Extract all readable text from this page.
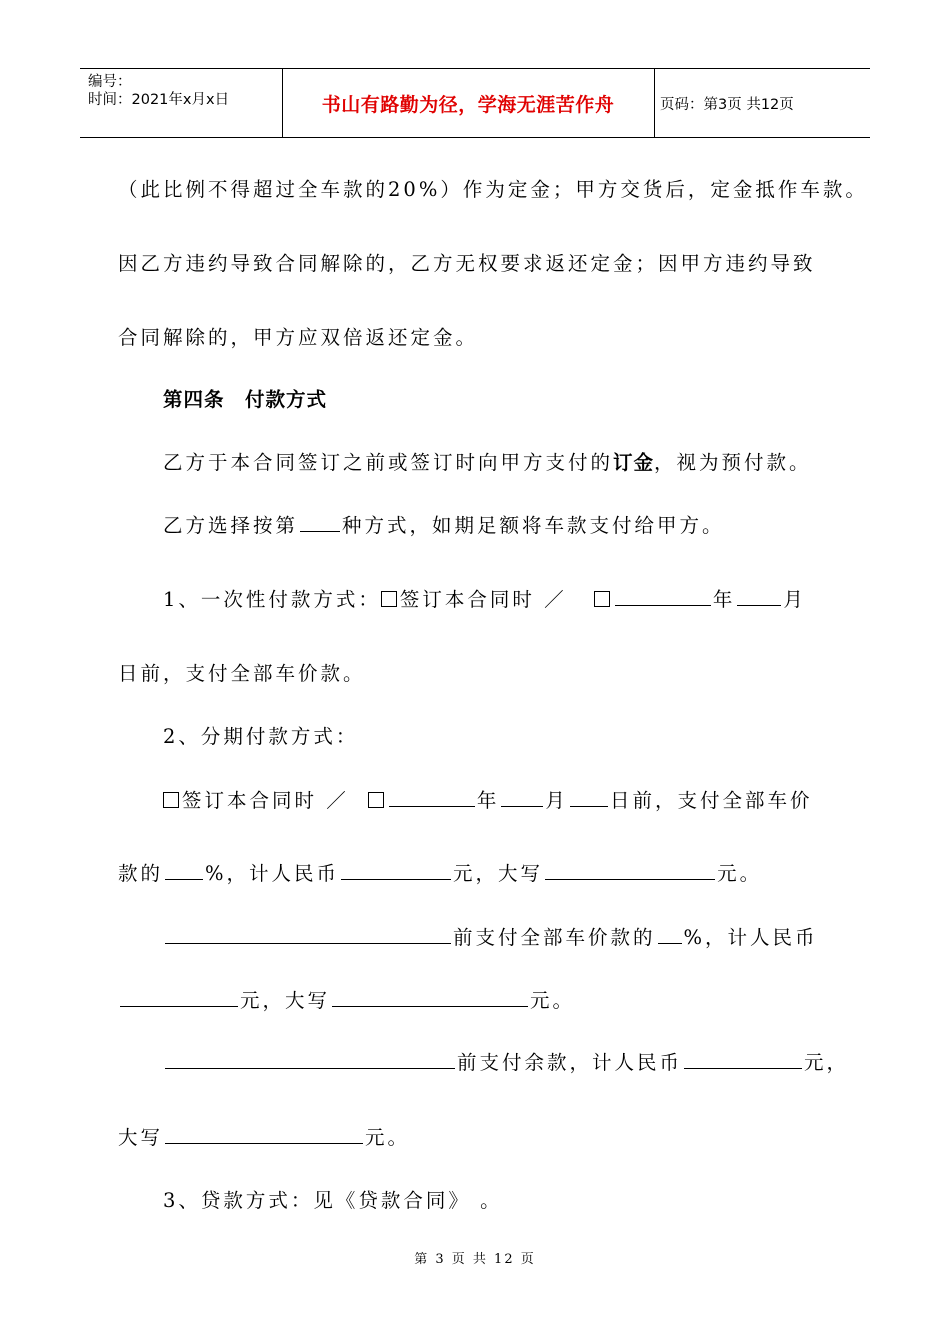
编号：
时间：2021年x月x日	书山有路勤为径，学海无涯苦作舟	页码：第3页 共12页
（此比例不得超过全车款的20%）作为定金；甲方交货后，定金抵作车款。
因乙方违约导致合同解除的，乙方无权要求返还定金；因甲方违约导致
合同解除的，甲方应双倍返还定金。
第四条　付款方式
乙方于本合同签订之前或签订时向甲方支付的订金，视为预付款。
乙方选择按第 种方式，如期足额将车款支付给甲方。
1、一次性付款方式： 签订本合同时 ／	年 月
日前，支付全部车价款。
2、分期付款方式：
签订本合同时 ／	年 月 日前，支付全部车价
款的 %，计人民币	元，大写	元。
前支付全部车价款的 %，计人民币
元，大写	元。
前支付余款，计人民币	元，
大写	元。
3、贷款方式：见《贷款合同》 。
第 3 页 共 12 页
